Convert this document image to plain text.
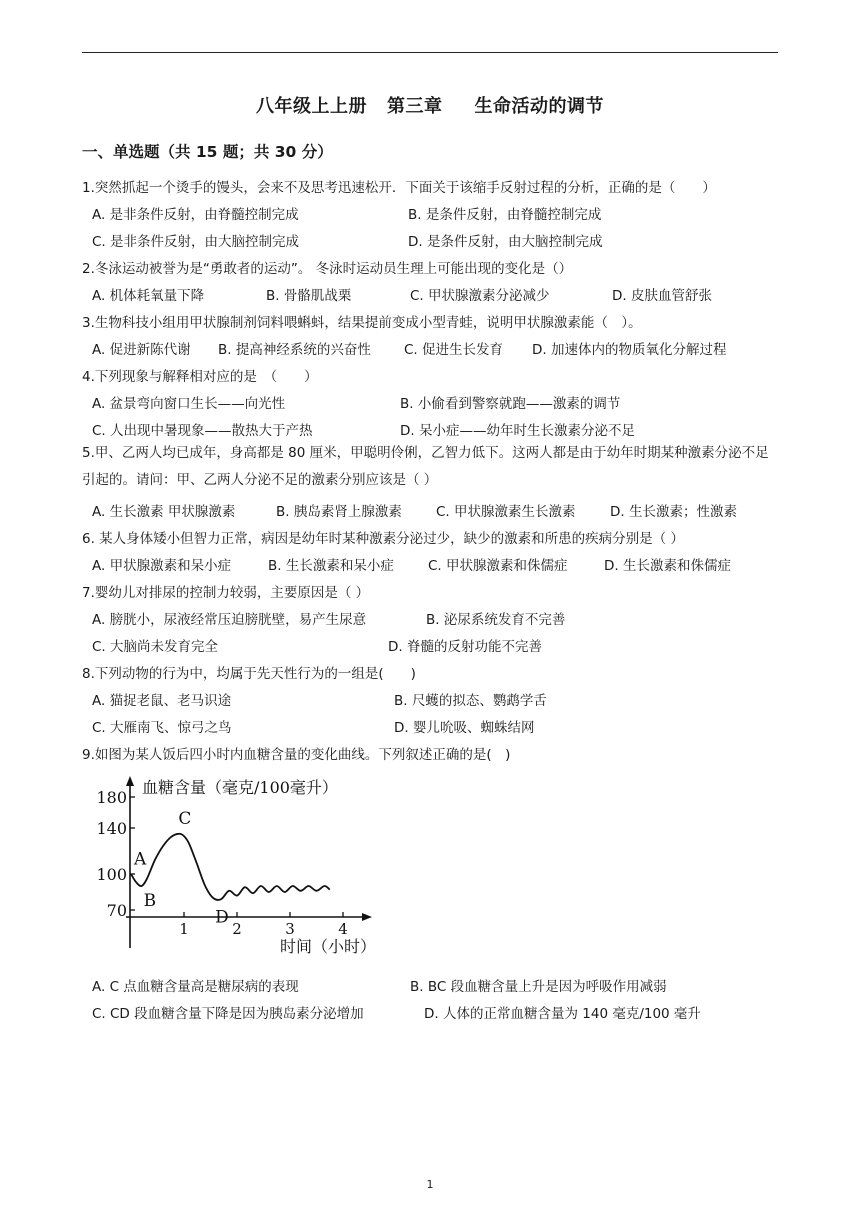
八年级上上册 第三章 生命活动的调节
一、单选题（共 15 题；共 30 分）
1.突然抓起一个烫手的馒头，会来不及思考迅速松开．下面关于该缩手反射过程的分析，正确的是（　　）
A. 是非条件反射，由脊髓控制完成	B. 是条件反射，由脊髓控制完成
C. 是非条件反射，由大脑控制完成	D. 是条件反射，由大脑控制完成
2.冬泳运动被誉为是“勇敢者的运动”。 冬泳时运动员生理上可能出现的变化是（）
A. 机体耗氧量下降	B. 骨骼肌战栗	C. 甲状腺激素分泌减少	D. 皮肤血管舒张
3.生物科技小组用甲状腺制剂饲料喂蝌蚪，结果提前变成小型青蛙，说明甲状腺激素能（　）。
A. 促进新陈代谢 B. 提高神经系统的兴奋性 C. 促进生长发育 D. 加速体内的物质氧化分解过程
4.下列现象与解释相对应的是　（　　）
A. 盆景弯向窗口生长——向光性	B. 小偷看到警察就跑——激素的调节
C. 人出现中暑现象——散热大于产热	D. 呆小症——幼年时生长激素分泌不足
5.甲、乙两人均已成年，身高都是 80 厘米，甲聪明伶俐，乙智力低下。这两人都是由于幼年时期某种激素分泌不足引起的。请问：甲、乙两人分泌不足的激素分别应该是（ ）
A. 生长激素 甲状腺激素	B. 胰岛素肾上腺激素	C. 甲状腺激素生长激素	D. 生长激素；性激素
6. 某人身体矮小但智力正常，病因是幼年时某种激素分泌过少，缺少的激素和所患的疾病分别是（ ）
A. 甲状腺激素和呆小症	B. 生长激素和呆小症	C. 甲状腺激素和侏儒症	D. 生长激素和侏儒症
7.婴幼儿对排尿的控制力较弱，主要原因是（ ）
A. 膀胱小，尿液经常压迫膀胱壁，易产生尿意	B. 泌尿系统发育不完善
C. 大脑尚未发育完全	D. 脊髓的反射功能不完善
8.下列动物的行为中，均属于先天性行为的一组是(　　)
A. 猫捉老鼠、老马识途	B. 尺蠖的拟态、鹦鹉学舌
C. 大雁南飞、惊弓之鸟	D. 婴儿吮吸、蜘蛛结网
9.如图为某人饭后四小时内血糖含量的变化曲线。下列叙述正确的是(　)
血糖含量（毫克/100毫升）
180
140
100
70
1	2	3	4
A
B
C
D
时间（小时）
A. C 点血糖含量高是糖尿病的表现	B. BC 段血糖含量上升是因为呼吸作用减弱
C. CD 段血糖含量下降是因为胰岛素分泌增加	D. 人体的正常血糖含量为 140 毫克/100 毫升
1
